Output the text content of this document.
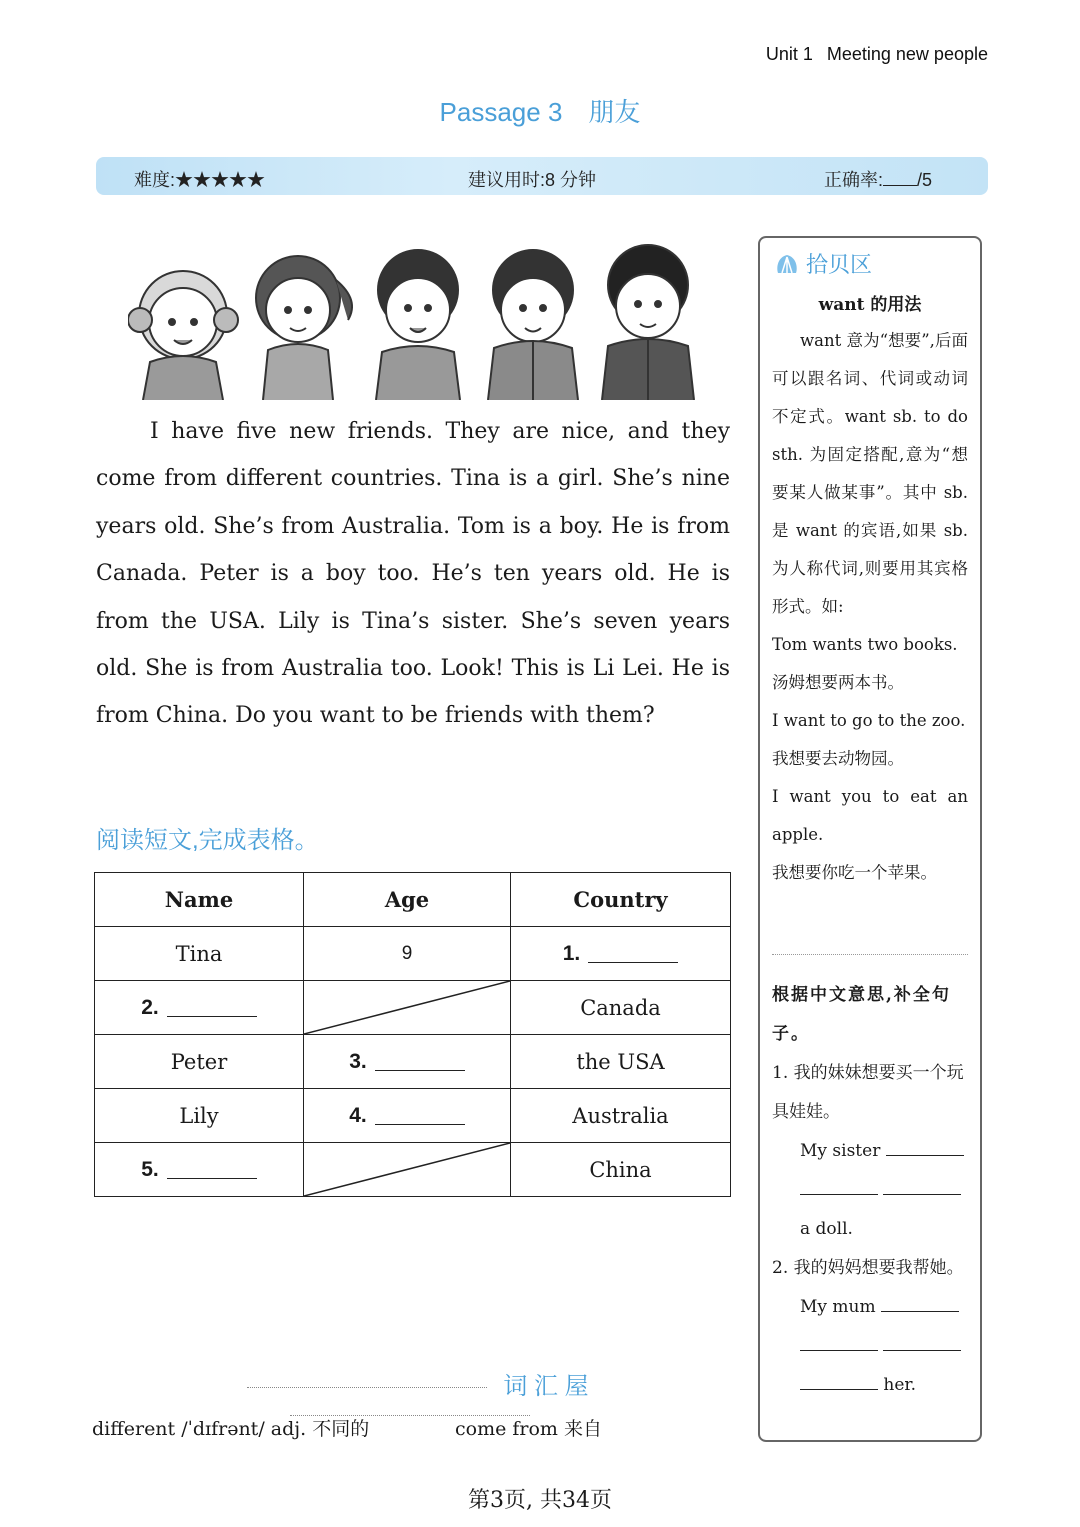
Unit 1 Meeting new people
Passage 3 朋友
难度:★★★★★	建议用时:8 分钟	正确率: /5

I have five new friends. They are nice, and they come from different countries. Tina is a girl. She’s nine years old. She’s from Australia. Tom is a boy. He is from Canada. Peter is a boy too. He’s ten years old. He is from the USA. Lily is Tina’s sister. She’s seven years old. She is from Australia too. Look! This is Li Lei. He is from China. Do you want to be friends with them?

阅读短文,完成表格。
Name	Age	Country
Tina	9	1.
2.		Canada
Peter	3.	the USA
Lily	4.	Australia
5.		China
词 汇 屋
different /ˈdɪfrənt/ adj. 不同的	come from 来自
拾贝区
want 的用法

want 意为“想要”,后面可以跟名词、代词或动词不定式。want sb. to do sth. 为固定搭配,意为“想要某人做某事”。其中 sb. 是 want 的宾语,如果 sb. 为人称代词,则要用其宾格形式。如:

Tom wants two books.

汤姆想要两本书。

I want to go to the zoo.

我想要去动物园。

I want you to eat an apple.

我想要你吃一个苹果。

根据中文意思,补全句子。
1. 我的妹妹想要买一个玩具娃娃。
My sister

a doll.
2. 我的妈妈想要我帮她。
My mum

her.
第3页, 共34页
